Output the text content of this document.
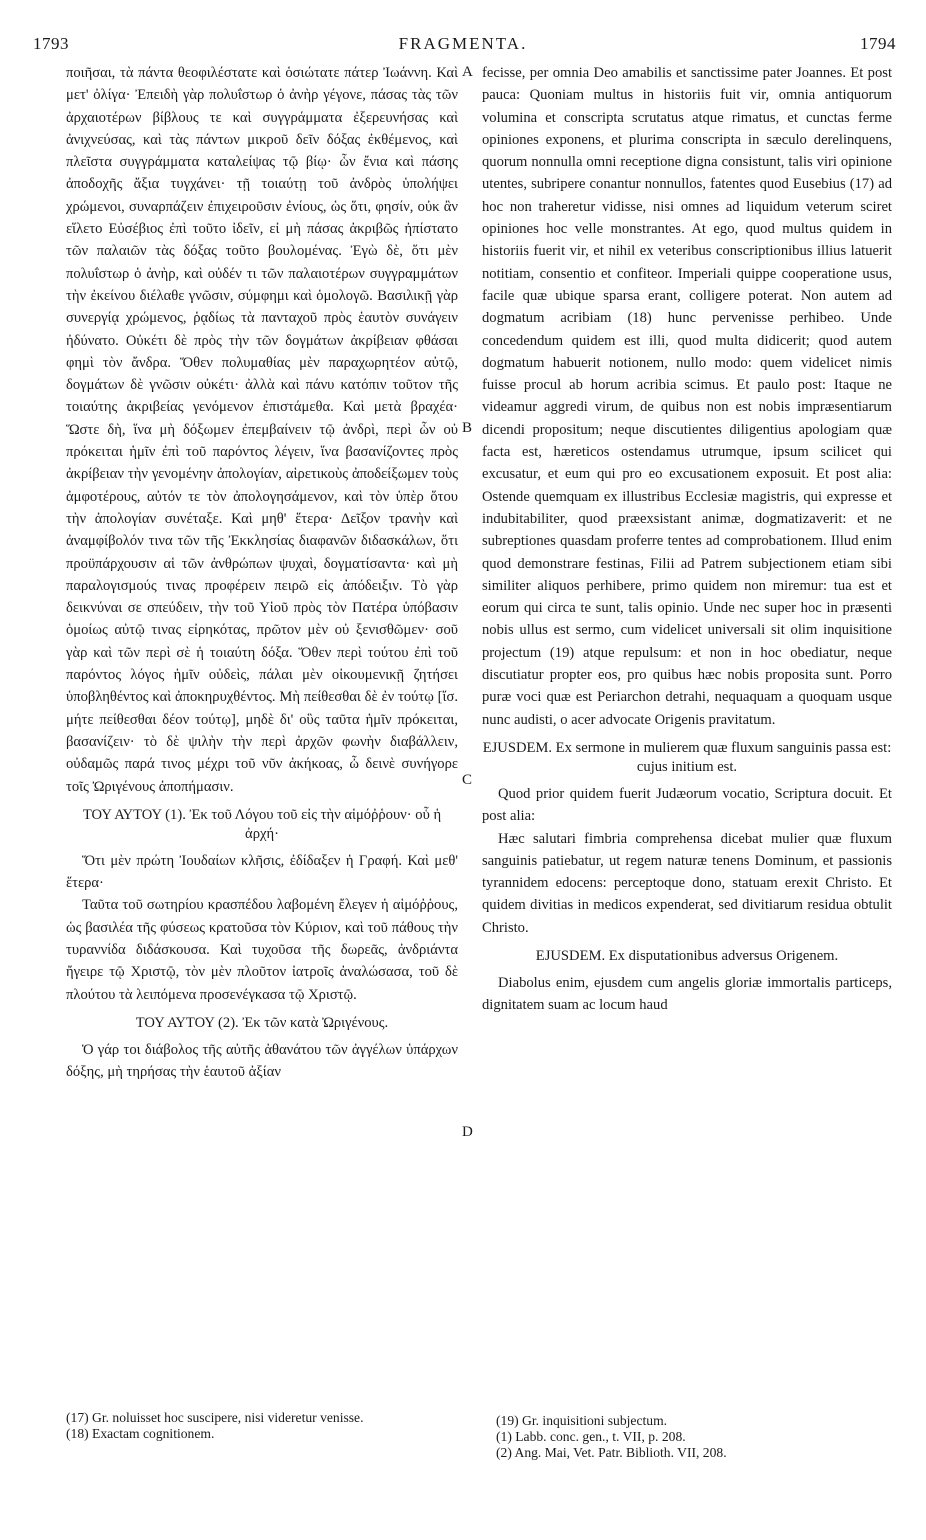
FRAGMENTA.
1793	1794
A
B
C
D

ποιῆσαι, τὰ πάντα θεοφιλέστατε καὶ ὁσιώτατε πάτερ Ἰωάννη. Καὶ μετ' ὀλίγα· Ἐπειδὴ γὰρ πολυΐστωρ ὁ ἀνὴρ γέγονε, πάσας τὰς τῶν ἀρχαιοτέρων βίβλους τε καὶ συγγράμματα ἐξερευνήσας καὶ ἀνιχνεύσας, καὶ τὰς πάντων μικροῦ δεῖν δόξας ἐκθέμενος, καὶ πλεῖστα συγγράμματα καταλείψας τῷ βίῳ· ὧν ἔνια καὶ πάσης ἀποδοχῆς ἄξια τυγχάνει· τῇ τοιαύτῃ τοῦ ἀνδρὸς ὑπολήψει χρώμενοι, συναρπάζειν ἐπιχειροῦσιν ἐνίους, ὡς ὅτι, φησίν, οὐκ ἂν εἵλετο Εὐσέβιος ἐπὶ τοῦτο ἰδεῖν, εἰ μὴ πάσας ἀκριβῶς ἠπίστατο τῶν παλαιῶν τὰς δόξας τοῦτο βουλομένας. Ἐγὼ δὲ, ὅτι μὲν πολυΐστωρ ὁ ἀνὴρ, καὶ οὐδέν τι τῶν παλαιοτέρων συγγραμμάτων τὴν ἐκείνου διέλαθε γνῶσιν, σύμφημι καὶ ὁμολογῶ. Βασιλικῇ γὰρ συνεργίᾳ χρώμενος, ῥᾳδίως τὰ πανταχοῦ πρὸς ἑαυτὸν συνάγειν ἠδύνατο. Οὐκέτι δὲ πρὸς τὴν τῶν δογμάτων ἀκρίβειαν φθάσαι φημὶ τὸν ἄνδρα. Ὅθεν πολυμαθίας μὲν παραχωρητέον αὐτῷ, δογμάτων δὲ γνῶσιν οὐκέτι· ἀλλὰ καὶ πάνυ κατόπιν τοῦτον τῆς τοιαύτης ἀκριβείας γενόμενον ἐπιστάμεθα. Καὶ μετὰ βραχέα· Ὥστε δὴ, ἵνα μὴ δόξωμεν ἐπεμβαίνειν τῷ ἀνδρὶ, περὶ ὧν οὐ πρόκειται ἡμῖν ἐπὶ τοῦ παρόντος λέγειν, ἵνα βασανίζοντες πρὸς ἀκρίβειαν τὴν γενομένην ἀπολογίαν, αἱρετικοὺς ἀποδείξωμεν τοὺς ἀμφοτέρους, αὐτόν τε τὸν ἀπολογησάμενον, καὶ τὸν ὑπὲρ ὅτου τὴν ἀπολογίαν συνέταξε. Καὶ μηθ' ἕτερα· Δεῖξον τρανὴν καὶ ἀναμφίβολόν τινα τῶν τῆς Ἐκκλησίας διαφανῶν διδασκάλων, ὅτι προϋπάρχουσιν αἱ τῶν ἀνθρώπων ψυχαὶ, δογματίσαντα· καὶ μὴ παραλογισμούς τινας προφέρειν πειρῶ εἰς ἀπόδειξιν. Τὸ γὰρ δεικνύναι σε σπεύδειν, τὴν τοῦ Υἱοῦ πρὸς τὸν Πατέρα ὑπόβασιν ὁμοίως αὐτῷ τινας εἰρηκότας, πρῶτον μὲν οὐ ξενισθῶμεν· σοῦ γὰρ καὶ τῶν περὶ σὲ ἡ τοιαύτη δόξα. Ὅθεν περὶ τούτου ἐπὶ τοῦ παρόντος λόγος ἡμῖν οὐδεὶς, πάλαι μὲν οἰκουμενικῇ ζητήσει ὑποβληθέντος καὶ ἀποκηρυχθέντος. Μὴ πείθεσθαι δὲ ἐν τούτῳ [ἴσ. μήτε πείθεσθαι δέον τούτῳ], μηδὲ δι' οὓς ταῦτα ἡμῖν πρόκειται, βασανίζειν· τὸ δὲ ψιλὴν τὴν περὶ ἀρχῶν φωνὴν διαβάλλειν, οὐδαμῶς παρά τινος μέχρι τοῦ νῦν ἀκήκοας, ὦ δεινὲ συνήγορε τοῖς Ὠριγένους ἀποπήμασιν.

ΤΟΥ ΑΥΤΟΥ (1). Ἐκ τοῦ Λόγου τοῦ εἰς τὴν αἱμόῤῥουν· οὗ ἡ ἀρχή·

Ὅτι μὲν πρώτη Ἰουδαίων κλῆσις, ἐδίδαξεν ἡ Γραφή. Καὶ μεθ' ἕτερα·

Ταῦτα τοῦ σωτηρίου κρασπέδου λαβομένη ἔλεγεν ἡ αἱμόῤῥους, ὡς βασιλέα τῆς φύσεως κρατοῦσα τὸν Κύριον, καὶ τοῦ πάθους τὴν τυραννίδα διδάσκουσα. Καὶ τυχοῦσα τῆς δωρεᾶς, ἀνδριάντα ἤγειρε τῷ Χριστῷ, τὸν μὲν πλοῦτον ἰατροῖς ἀναλώσασα, τοῦ δὲ πλούτου τὰ λειπόμενα προσενέγκασα τῷ Χριστῷ.

ΤΟΥ ΑΥΤΟΥ (2). Ἐκ τῶν κατὰ Ὠριγένους.

Ὁ γάρ τοι διάβολος τῆς αὐτῆς ἀθανάτου τῶν ἀγγέλων ὑπάρχων δόξης, μὴ τηρήσας τὴν ἑαυτοῦ ἀξίαν

fecisse, per omnia Deo amabilis et sanctissime pater Joannes. Et post pauca: Quoniam multus in historiis fuit vir, omnia antiquorum volumina et conscripta scrutatus atque rimatus, et cunctas ferme opiniones exponens, et plurima conscripta in sæculo derelinquens, quorum nonnulla omni receptione digna consistunt, talis viri opinione utentes, subripere conantur nonnullos, fatentes quod Eusebius (17) ad hoc non traheretur vidisse, nisi omnes ad liquidum veterum sciret opiniones hoc velle monstrantes. At ego, quod multus quidem in historiis fuerit vir, et nihil ex veteribus conscriptionibus illius latuerit notitiam, consentio et confiteor. Imperiali quippe cooperatione usus, facile quæ ubique sparsa erant, colligere poterat. Non autem ad dogmatum acribiam (18) hunc pervenisse perhibeo. Unde concedendum quidem est illi, quod multa didicerit; quod autem dogmatum habuerit notionem, nullo modo: quem videlicet nimis fuisse procul ab horum acribia scimus. Et paulo post: Itaque ne videamur aggredi virum, de quibus non est nobis impræsentiarum dicendi propositum; neque discutientes diligentius apologiam quæ facta est, hæreticos ostendamus utrumque, ipsum scilicet qui excusatur, et eum qui pro eo excusationem exposuit. Et post alia: Ostende quemquam ex illustribus Ecclesiæ magistris, qui expresse et indubitabiliter, quod præexsistant animæ, dogmatizaverit: et ne subreptiones quasdam proferre tentes ad comprobationem. Illud enim quod demonstrare festinas, Filii ad Patrem subjectionem etiam sibi similiter aliquos perhibere, primo quidem non miremur: tua est et eorum qui circa te sunt, talis opinio. Unde nec super hoc in præsenti nobis ullus est sermo, cum videlicet universali sit olim inquisitione projectum (19) atque repulsum: et non in hoc obediatur, neque discutiatur propter eos, pro quibus hæc nobis proposita sunt. Porro puræ voci quæ est Periarchon detrahi, nequaquam a quoquam usque nunc audisti, o acer advocate Origenis pravitatum.

EJUSDEM. Ex sermone in mulierem quæ fluxum sanguinis passa est: cujus initium est.

Quod prior quidem fuerit Judæorum vocatio, Scriptura docuit. Et post alia:

Hæc salutari fimbria comprehensa dicebat mulier quæ fluxum sanguinis patiebatur, ut regem naturæ tenens Dominum, et passionis tyrannidem edocens: perceptoque dono, statuam erexit Christo. Et quidem divitias in medicos expenderat, sed divitiarum residua obtulit Christo.

EJUSDEM. Ex disputationibus adversus Origenem.

Diabolus enim, ejusdem cum angelis gloriæ immortalis particeps, dignitatem suam ac locum haud

(17) Gr. noluisset hoc suscipere, nisi videretur venisse.

(18) Exactam cognitionem.

(19) Gr. inquisitioni subjectum.

(1) Labb. conc. gen., t. VII, p. 208.

(2) Ang. Mai, Vet. Patr. Biblioth. VII, 208.
